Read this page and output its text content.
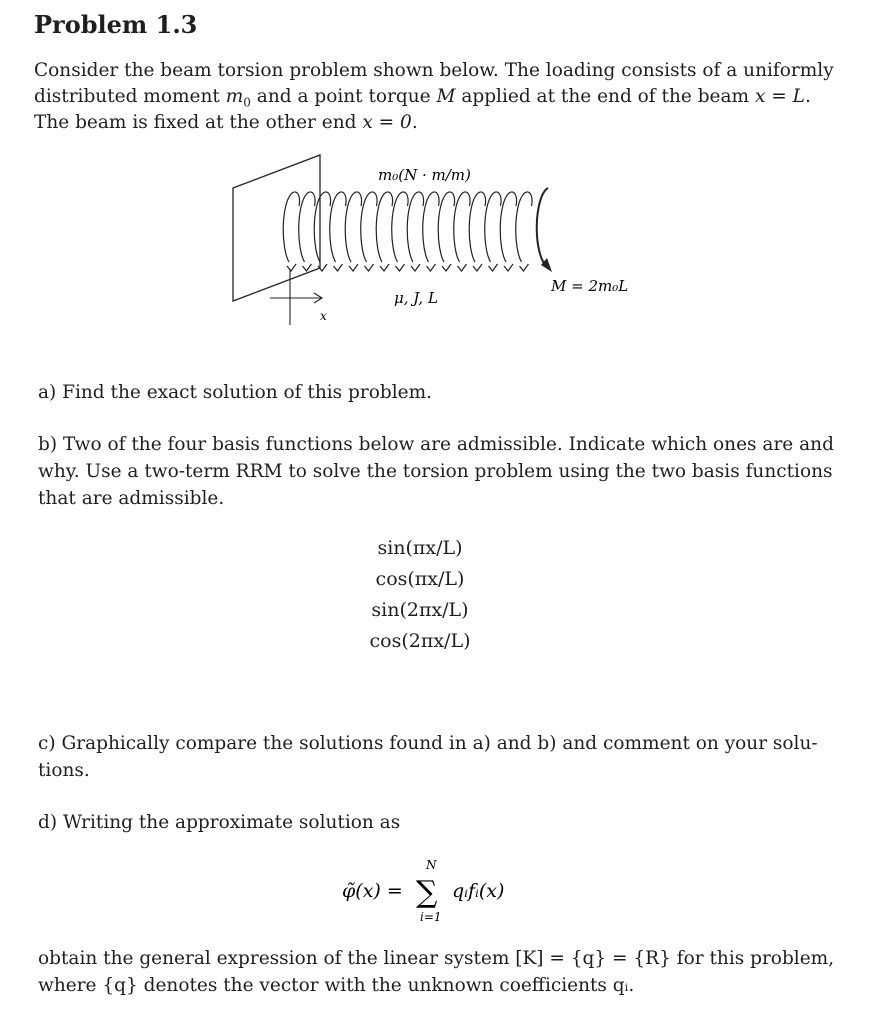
Problem 1.3

Consider the beam torsion problem shown below. The loading consists of a uniformly

distributed moment $m_0$ and a point torque M applied at the end of the beam x = L.

The beam is fixed at the other end x = 0.

m₀(N · m/m)
μ, J, L
M = 2m₀L
x

a) Find the exact solution of this problem.

b) Two of the four basis functions below are admissible. Indicate which ones are and

why. Use a two-term RRM to solve the torsion problem using the two basis functions

that are admissible.

sin(πx/L)
cos(πx/L)
sin(2πx/L)
cos(2πx/L)

c) Graphically compare the solutions found in a) and b) and comment on your solu-

tions.

d) Writing the approximate solution as

φ̃(x) =
N
∑
i=1
qᵢfᵢ(x)

obtain the general expression of the linear system [K] = {q} = {R} for this problem,

where {q} denotes the vector with the unknown coefficients qᵢ.
